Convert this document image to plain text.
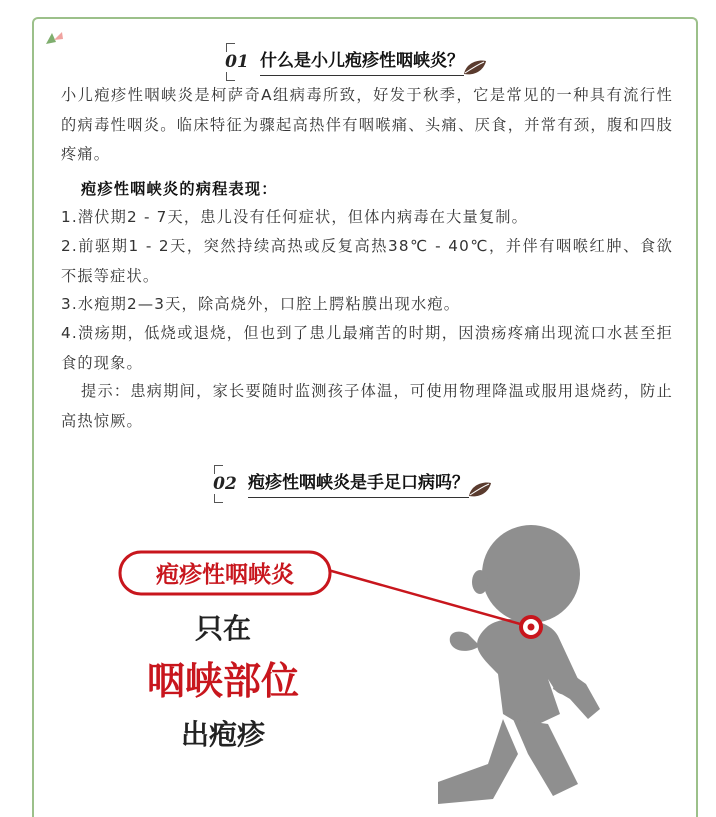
01 什么是小儿疱疹性咽峡炎？

小儿疱疹性咽峡炎是柯萨奇A组病毒所致，好发于秋季，它是常见的一种具有流行性的病毒性咽炎。临床特征为骤起高热伴有咽喉痛、头痛、厌食，并常有颈，腹和四肢疼痛。

疱疹性咽峡炎的病程表现：

1.潜伏期2 - 7天，患儿没有任何症状，但体内病毒在大量复制。

2.前驱期1 - 2天，突然持续高热或反复高热38℃ - 40℃，并伴有咽喉红肿、食欲不振等症状。

3.水疱期2—3天，除高烧外，口腔上腭粘膜出现水疱。

4.溃疡期，低烧或退烧，但也到了患儿最痛苦的时期，因溃疡疼痛出现流口水甚至拒食的现象。

提示：患病期间，家长要随时监测孩子体温，可使用物理降温或服用退烧药，防止高热惊厥。

02 疱疹性咽峡炎是手足口病吗？
疱疹性咽峡炎
只在
咽峡部位
出疱疹
